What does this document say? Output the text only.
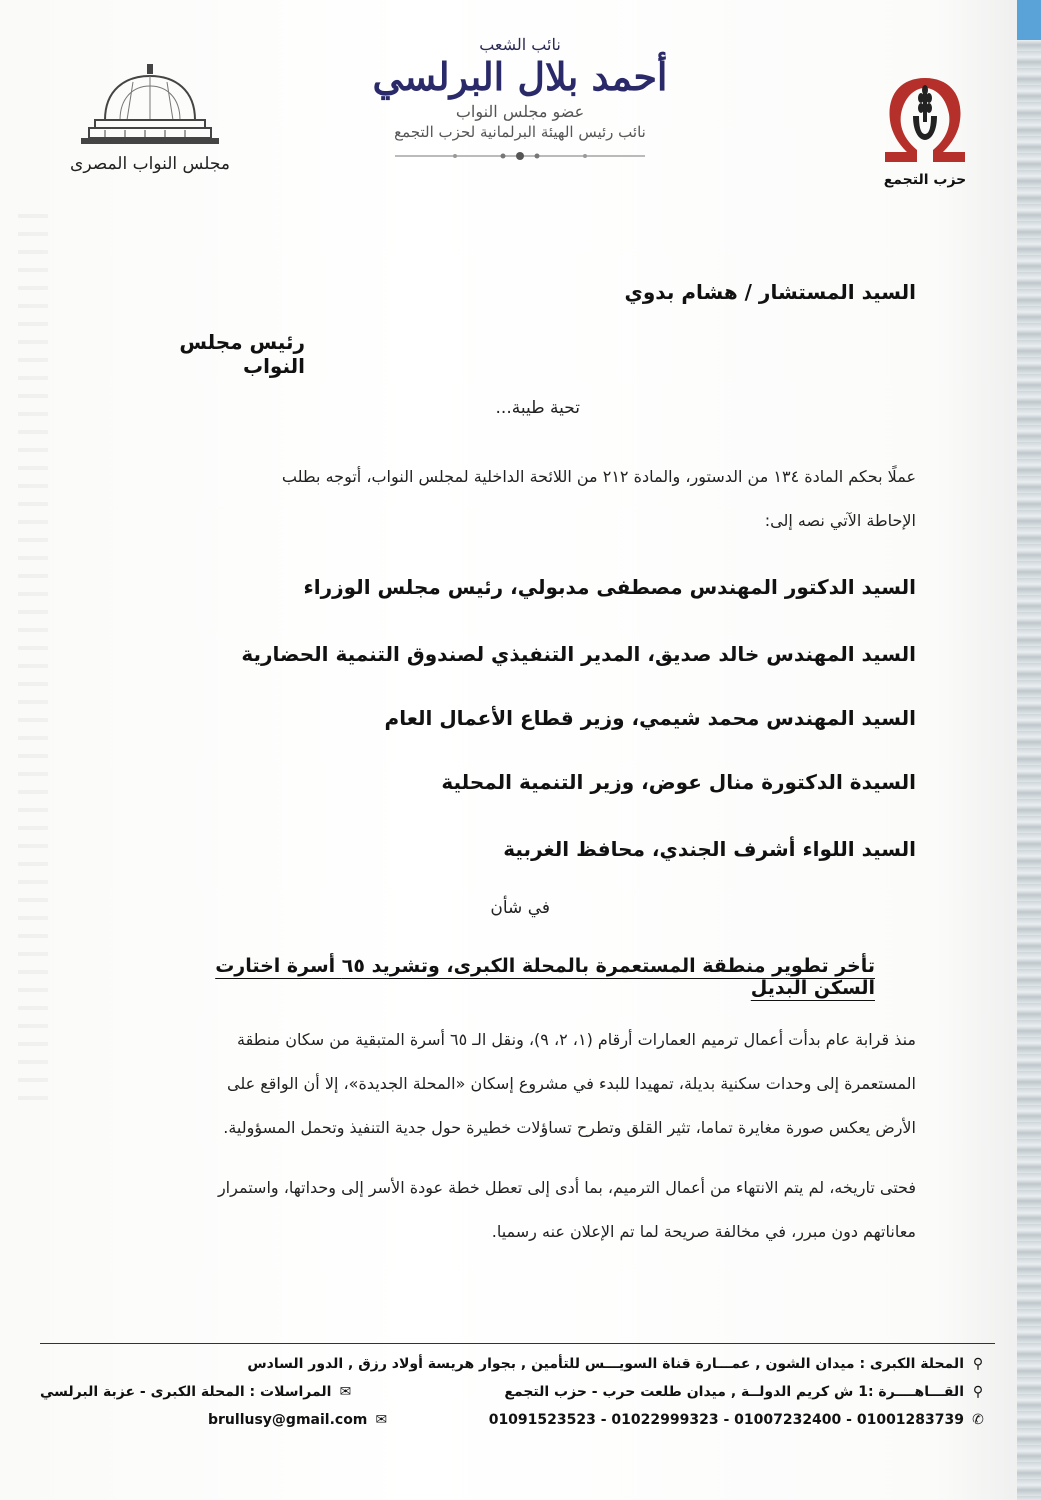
حزب التجمع
نائب الشعب
أحمد بلال البرلسي
عضو مجلس النواب
نائب رئيس الهيئة البرلمانية لحزب التجمع
مجلس النواب المصرى
السيد المستشار / هشام بدوي
رئيس مجلس النواب
تحية طيبة...
عملًا بحكم المادة ١٣٤ من الدستور، والمادة ٢١٢ من اللائحة الداخلية لمجلس النواب، أتوجه بطلب
الإحاطة الآتي نصه إلى:
السيد الدكتور المهندس مصطفى مدبولي، رئيس مجلس الوزراء
السيد المهندس خالد صديق، المدير التنفيذي لصندوق التنمية الحضارية
السيد المهندس محمد شيمي، وزير قطاع الأعمال العام
السيدة الدكتورة منال عوض، وزير التنمية المحلية
السيد اللواء أشرف الجندي، محافظ الغربية
في شأن
تأخر تطوير منطقة المستعمرة بالمحلة الكبرى، وتشريد ٦٥ أسرة اختارت السكن البديل
منذ قرابة عام بدأت أعمال ترميم العمارات أرقام (١، ٢، ٩)، ونقل الـ ٦٥ أسرة المتبقية من سكان منطقة
المستعمرة إلى وحدات سكنية بديلة، تمهيدا للبدء في مشروع إسكان «المحلة الجديدة»، إلا أن الواقع على
الأرض يعكس صورة مغايرة تماما، تثير القلق وتطرح تساؤلات خطيرة حول جدية التنفيذ وتحمل المسؤولية.
فحتى تاريخه، لم يتم الانتهاء من أعمال الترميم، بما أدى إلى تعطل خطة عودة الأسر إلى وحداتها، واستمرار
معاناتهم دون مبرر، في مخالفة صريحة لما تم الإعلان عنه رسميا.
⚲
المحلة الكبرى : ميدان الشون , عمـــارة قناة السويـــس للتأمين , بجوار هريسة أولاد رزق , الدور السادس
⚲
القـــاهــــرة :1 ش كريم الدولــة , ميدان طلعت حرب - حزب التجمع
✉
المراسلات : المحلة الكبرى - عزبة البرلسي
✆
01091523523 - 01022999323 - 01007232400 - 01001283739
✉
brullusy@gmail.com
